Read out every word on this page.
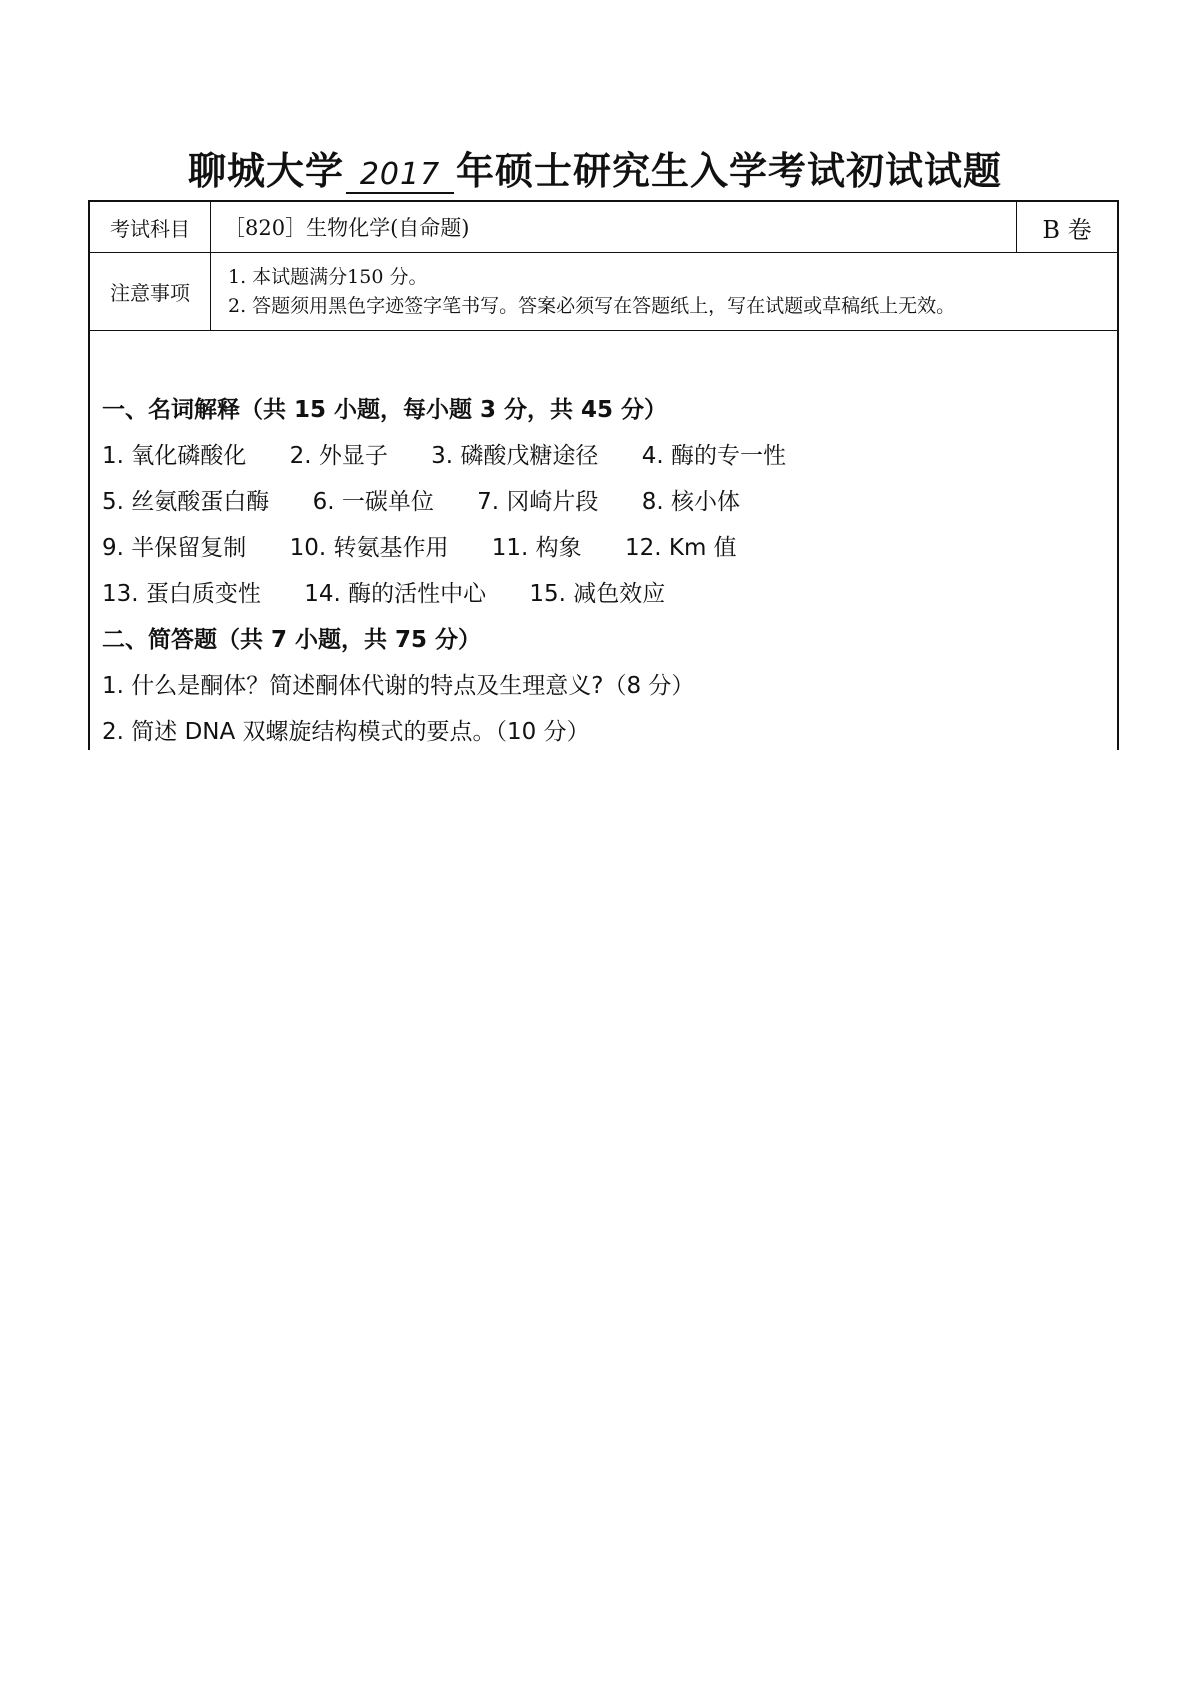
聊城大学 2017 年硕士研究生入学考试初试试题
考试科目	［820］生物化学(自命题)	B 卷
注意事项
1. 本试题满分150 分。
2. 答题须用黑色字迹签字笔书写。答案必须写在答题纸上，写在试题或草稿纸上无效。
一、名词解释（共 15 小题，每小题 3 分，共 45 分）
1. 氧化磷酸化 2. 外显子 3. 磷酸戊糖途径 4. 酶的专一性
5. 丝氨酸蛋白酶 6. 一碳单位 7. 冈崎片段 8. 核小体
9. 半保留复制 10. 转氨基作用 11. 构象 12. Km 值
13. 蛋白质变性 14. 酶的活性中心 15. 减色效应
二、简答题（共 7 小题，共 75 分）
1. 什么是酮体？简述酮体代谢的特点及生理意义?（8 分）
2. 简述 DNA 双螺旋结构模式的要点。（10 分）
